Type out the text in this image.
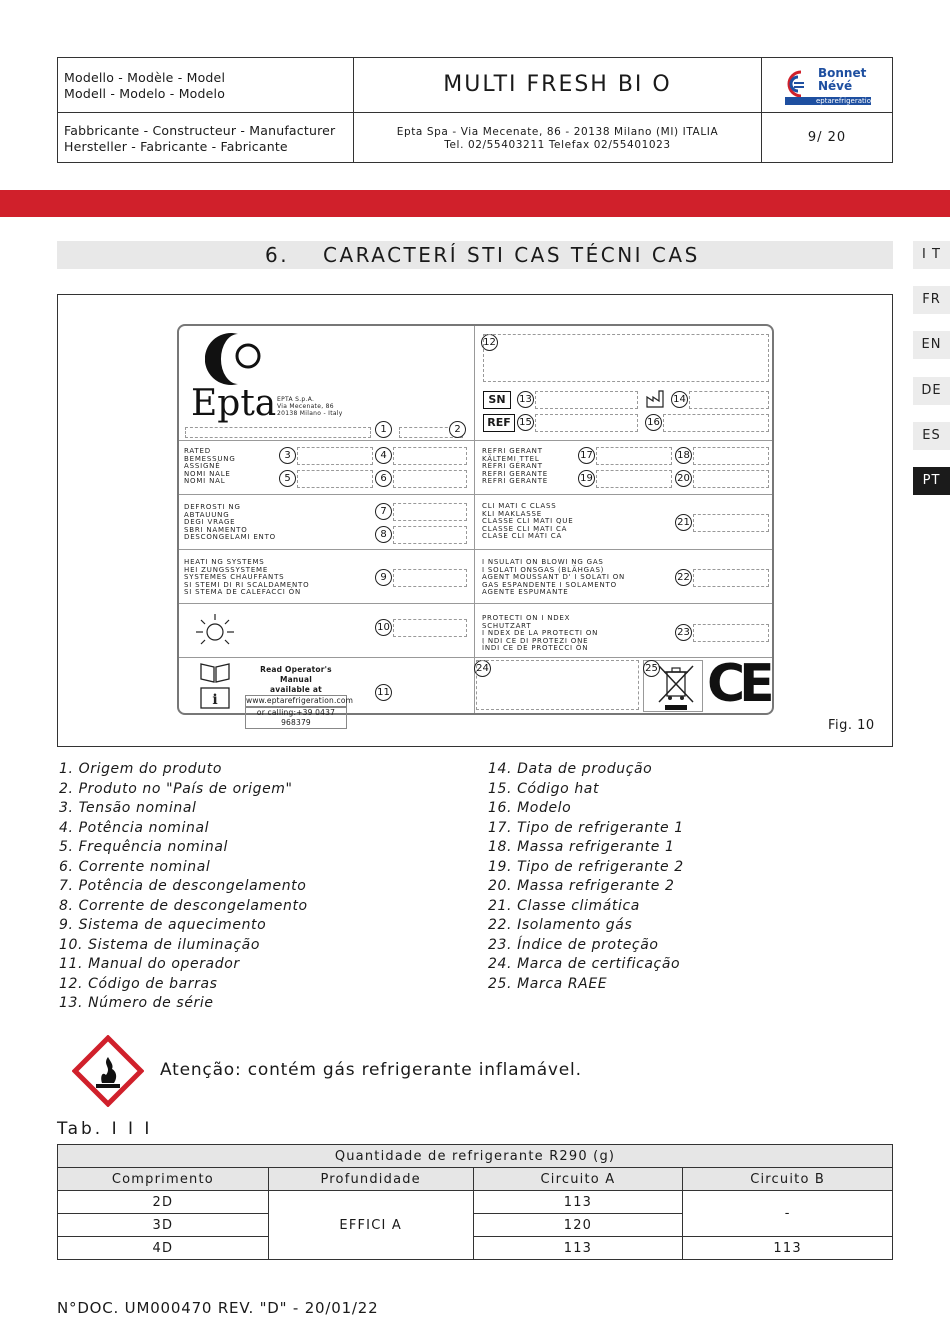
Modello - Modèle - Model
Modell - Modelo - Modelo	MULTI FRESH BI O	Bonnet
Névé
eptarefrigeration
Fabbricante - Constructeur - Manufacturer
Hersteller - Fabricante - Fabricante
Epta Spa - Via Mecenate, 86 - 20138 Milano (MI) ITALIA
Tel. 02/55403211 Telefax 02/55401023	9/ 20
6. CARACTERÍ STI CAS TÉCNI CAS	I T
FR
EN
DE
ES
PT
Epta EPTA S.p.A.
Via Mecenate, 86
20138 Milano - Italy
1	2
RATED
BEMESSUNG
ASSIGNÉ
NOMI NALE
NOMI NAL
3	4
5	6
DEFROSTI NG
ABTAUUNG
DEGI VRAGE
SBRI NAMENTO
DESCONGELAMI ENTO
7
8
HEATI NG SYSTEMS
HEI ZUNGSSYSTEME
SYSTEMES CHAUFFANTS
SI STEMI DI RI SCALDAMENTO
SI STEMA DE CALEFACCI ÓN
9
10
i
Read Operator's Manual
available at
www.eptarefrigeration.com
or calling:+39 0437 968379
11
12
SN	13	14
REF 15	16
REFRI GERANT
KÄLTEMI TTEL
RÉFRI GÉRANT
REFRI GERANTE
REFRI GERANTE
17	18
19	20
CLI MATI C CLASS
KLI MAKLASSE
CLASSE CLI MATI QUE
CLASSE CLI MATI CA
CLASE CLI MÁTI CA
21
I NSULATI ON BLOWI NG GAS
I SOLATI ONSGAS (BLÄHGAS)
AGENT MOUSSANT D' I SOLATI ON
GAS ESPANDENTE I SOLAMENTO
AGENTE ESPUMANTE
22
PROTECTI ON I NDEX
SCHUTZART
I NDEX DE LA PROTECTI ON
I NDI CE DI PROTEZI ONE
ÍNDI CE DE PROTECCI ÓN
23
24	25 CE
Fig. 10
1. Origem do produto
2. Produto no "País de origem"
3. Tensão nominal
4. Potência nominal
5. Frequência nominal
6. Corrente nominal
7. Potência de descongelamento
8. Corrente de descongelamento
9. Sistema de aquecimento
10. Sistema de iluminação
11. Manual do operador
12. Código de barras
13. Número de série
14. Data de produção
15. Código hat
16. Modelo
17. Tipo de refrigerante 1
18. Massa refrigerante 1
19. Tipo de refrigerante 2
20. Massa refrigerante 2
21. Classe climática
22. Isolamento gás
23. Índice de proteção
24. Marca de certificação
25. Marca RAEE
Atenção: contém gás refrigerante inflamável.
Tab. I I I
Quantidade de refrigerante R290 (g)			
Comprimento	Profundidade	Circuito A	Circuito B
2D	EFFICI A	113	-
3D		120	
4D		113	113
N°DOC. UM000470 REV. "D" - 20/01/22
